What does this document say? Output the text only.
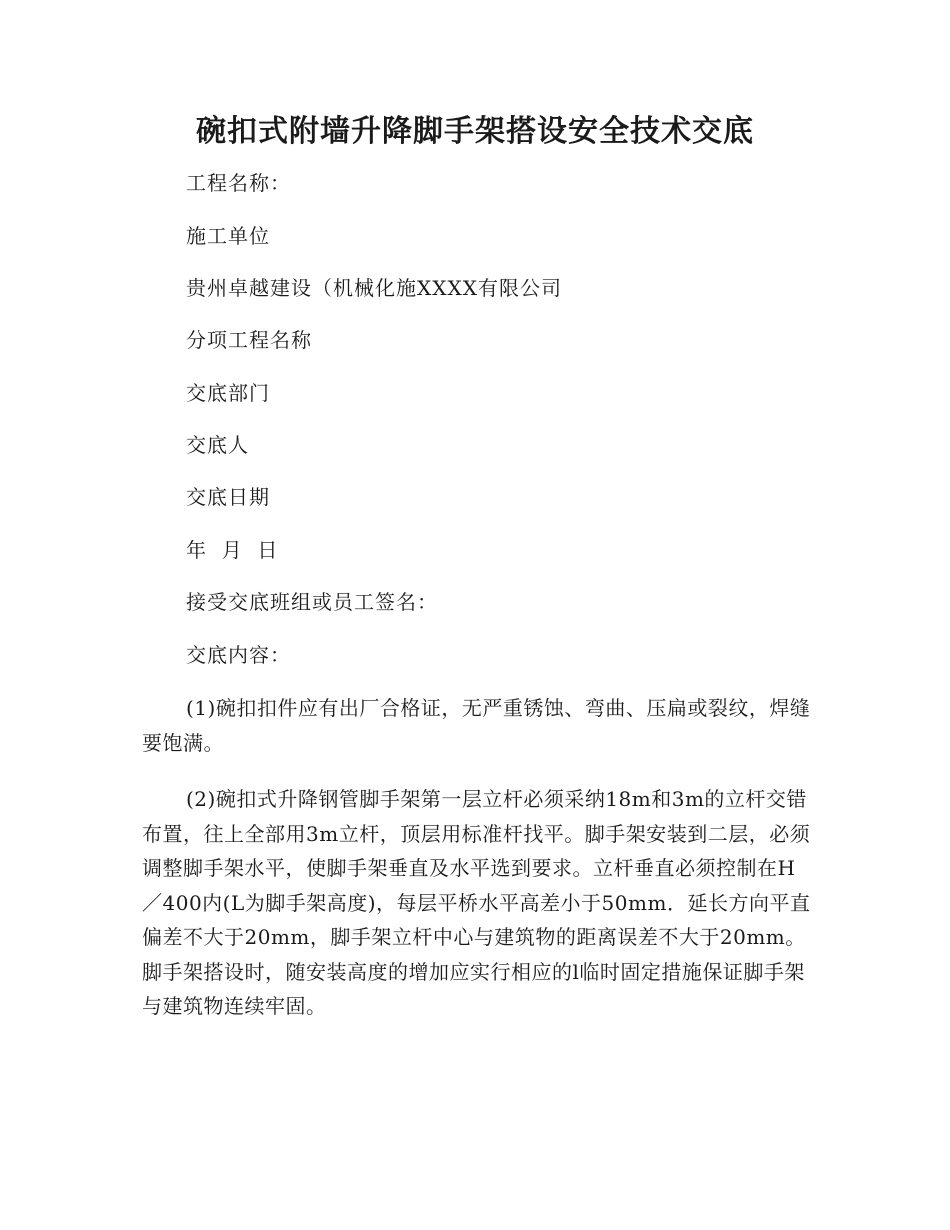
碗扣式附墙升降脚手架搭设安全技术交底
工程名称：
施工单位
贵州卓越建设（机械化施XXXX有限公司
分项工程名称
交底部门
交底人
交底日期
年  月  日
接受交底班组或员工签名：
交底内容：

(1)碗扣扣件应有出厂合格证，无严重锈蚀、弯曲、压扁或裂纹，焊缝要饱满。

(2)碗扣式升降钢管脚手架第一层立杆必须采纳18m和3m的立杆交错布置，往上全部用3m立杆，顶层用标准杆找平。脚手架安装到二层，必须调整脚手架水平，使脚手架垂直及水平选到要求。立杆垂直必须控制在H／400内(L为脚手架高度)，每层平桥水平高差小于50mm．延长方向平直偏差不大于20mm，脚手架立杆中心与建筑物的距离误差不大于20mm。脚手架搭设时，随安装高度的增加应实行相应的l临时固定措施保证脚手架与建筑物连续牢固。
